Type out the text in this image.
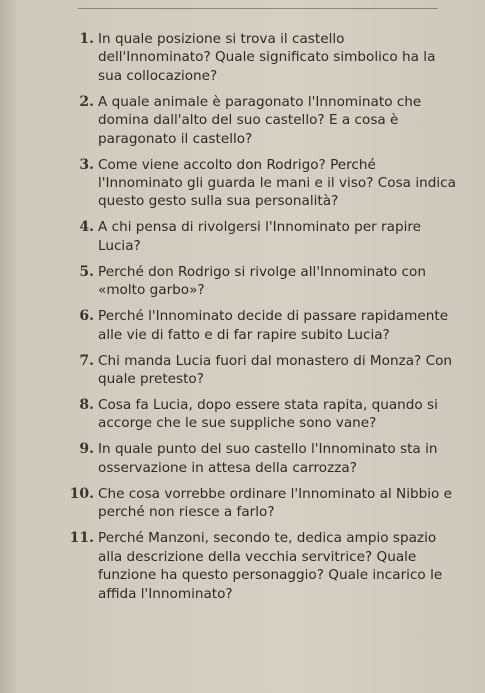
1. In quale posizione si trova il castello dell'Innominato? Quale significato simbolico ha la sua collocazione?
2. A quale animale è paragonato l'Innominato che domina dall'alto del suo castello? E a cosa è paragonato il castello?
3. Come viene accolto don Rodrigo? Perché l'Innominato gli guarda le mani e il viso? Cosa indica questo gesto sulla sua personalità?
4. A chi pensa di rivolgersi l'Innominato per rapire Lucia?
5. Perché don Rodrigo si rivolge all'Innominato con «molto garbo»?
6. Perché l'Innominato decide di passare rapidamente alle vie di fatto e di far rapire subito Lucia?
7. Chi manda Lucia fuori dal monastero di Monza? Con quale pretesto?
8. Cosa fa Lucia, dopo essere stata rapita, quando si accorge che le sue suppliche sono vane?
9. In quale punto del suo castello l'Innominato sta in osservazione in attesa della carrozza?
10. Che cosa vorrebbe ordinare l'Innominato al Nibbio e perché non riesce a farlo?
11. Perché Manzoni, secondo te, dedica ampio spazio alla descrizione della vecchia servitrice? Quale funzione ha questo personaggio? Quale incarico le affida l'Innominato?
